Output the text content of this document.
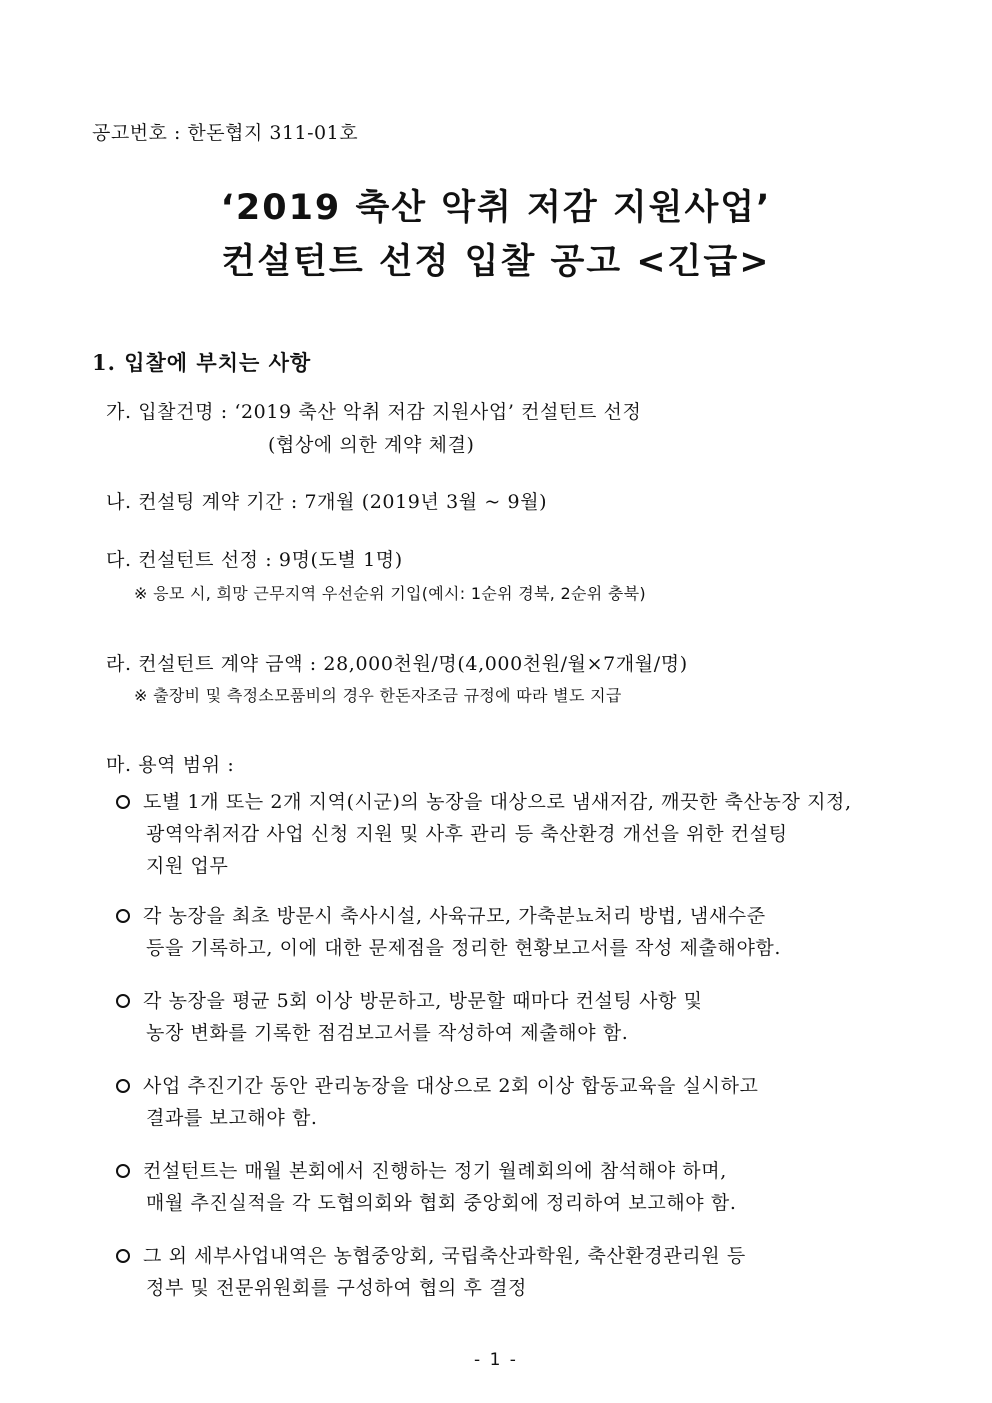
공고번호 : 한돈협지 311-01호
‘2019 축산 악취 저감 지원사업’
컨설턴트 선정 입찰 공고 <긴급>
1. 입찰에 부치는 사항
가. 입찰건명 : ‘2019 축산 악취 저감 지원사업’ 컨설턴트 선정
(협상에 의한 계약 체결)
나. 컨설팅 계약 기간 : 7개월 (2019년 3월 ~ 9월)
다. 컨설턴트 선정 : 9명(도별 1명)
※ 응모 시, 희망 근무지역 우선순위 기입(예시: 1순위 경북, 2순위 충북)
라. 컨설턴트 계약 금액 : 28,000천원/명(4,000천원/월×7개월/명)
※ 출장비 및 측정소모품비의 경우 한돈자조금 규정에 따라 별도 지급
마. 용역 범위 :
도별 1개 또는 2개 지역(시군)의 농장을 대상으로 냄새저감, 깨끗한 축산농장 지정,
광역악취저감 사업 신청 지원 및 사후 관리 등 축산환경 개선을 위한 컨설팅
지원 업무
각 농장을 최초 방문시 축사시설, 사육규모, 가축분뇨처리 방법, 냄새수준
등을 기록하고, 이에 대한 문제점을 정리한 현황보고서를 작성 제출해야함.
각 농장을 평균 5회 이상 방문하고, 방문할 때마다 컨설팅 사항 및
농장 변화를 기록한 점검보고서를 작성하여 제출해야 함.
사업 추진기간 동안 관리농장을 대상으로 2회 이상 합동교육을 실시하고
결과를 보고해야 함.
컨설턴트는 매월 본회에서 진행하는 정기 월례회의에 참석해야 하며,
매월 추진실적을 각 도협의회와 협회 중앙회에 정리하여 보고해야 함.
그 외 세부사업내역은 농협중앙회, 국립축산과학원, 축산환경관리원 등
정부 및 전문위원회를 구성하여 협의 후 결정
- 1 -
